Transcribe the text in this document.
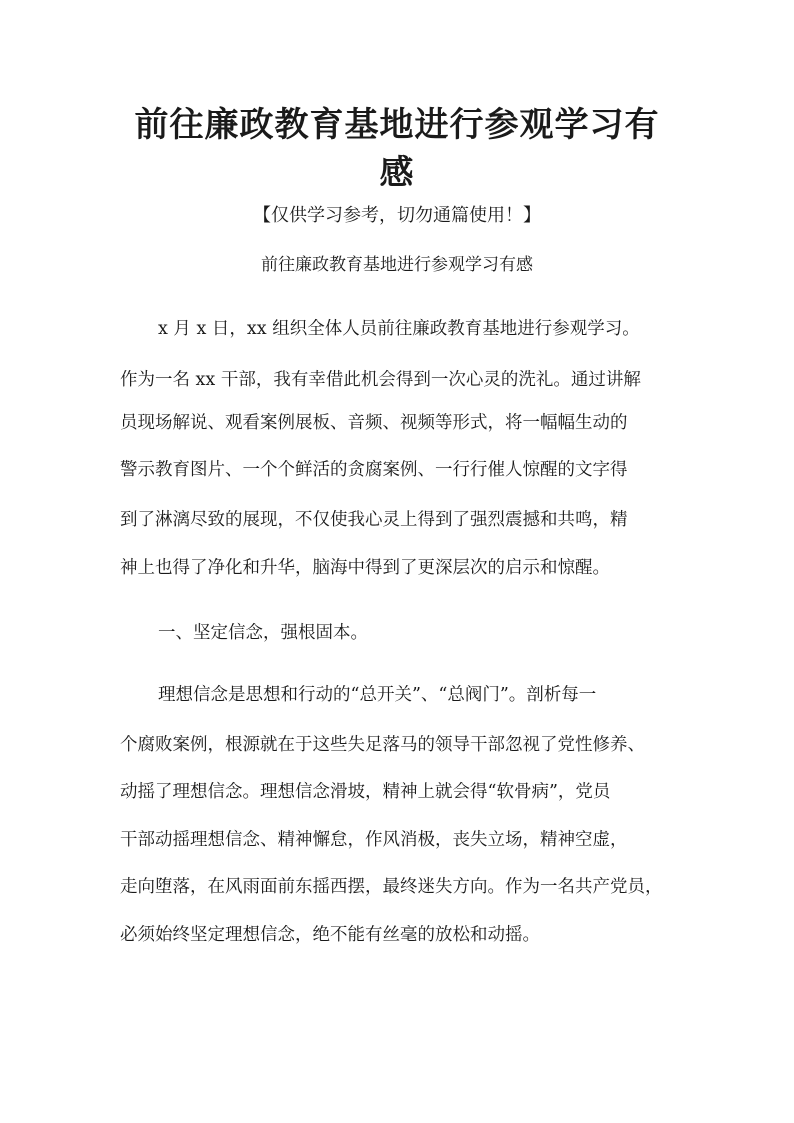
前往廉政教育基地进行参观学习有
感
【仅供学习参考，切勿通篇使用！】
前往廉政教育基地进行参观学习有感
x 月 x 日，xx 组织全体人员前往廉政教育基地进行参观学习。
作为一名 xx 干部，我有幸借此机会得到一次心灵的洗礼。通过讲解
员现场解说、观看案例展板、音频、视频等形式，将一幅幅生动的
警示教育图片、一个个鲜活的贪腐案例、一行行催人惊醒的文字得
到了淋漓尽致的展现，不仅使我心灵上得到了强烈震撼和共鸣，精
神上也得了净化和升华，脑海中得到了更深层次的启示和惊醒。
一、坚定信念，强根固本。
理想信念是思想和行动的“总开关”、“总阀门”。剖析每一
个腐败案例，根源就在于这些失足落马的领导干部忽视了党性修养、
动摇了理想信念。理想信念滑坡，精神上就会得“软骨病”，党员
干部动摇理想信念、精神懈怠，作风消极，丧失立场，精神空虚，
走向堕落，在风雨面前东摇西摆，最终迷失方向。作为一名共产党员，
必须始终坚定理想信念，绝不能有丝毫的放松和动摇。
